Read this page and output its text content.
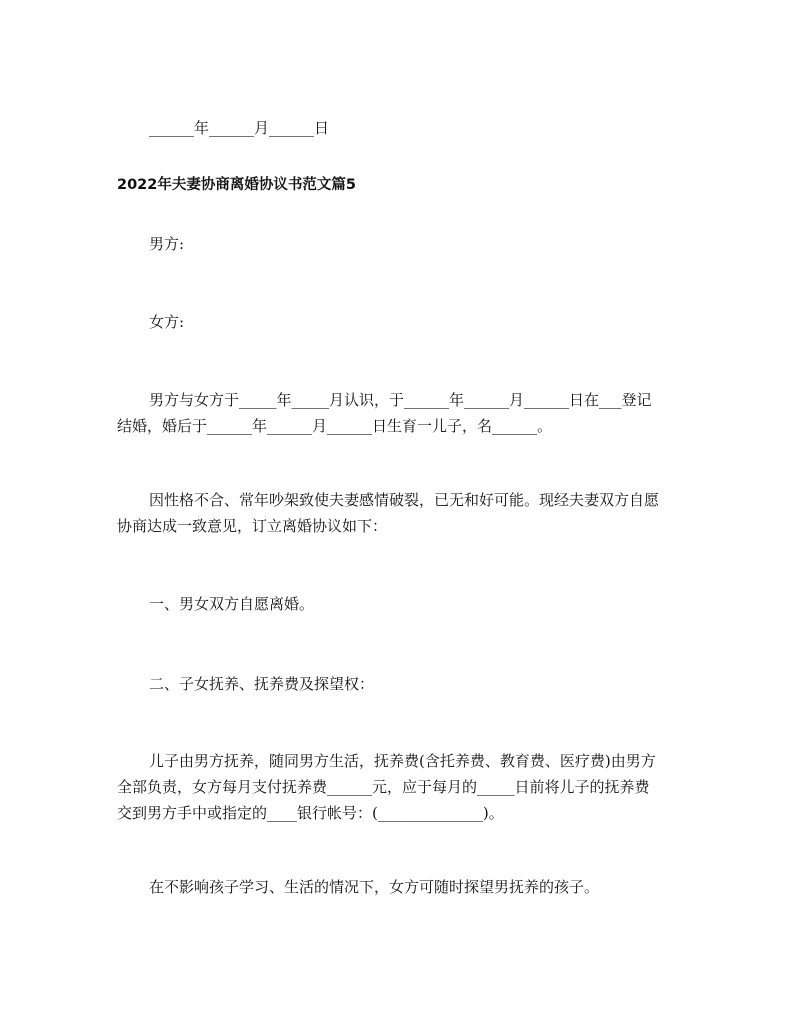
______年______月______日

2022年夫妻协商离婚协议书范文篇5

男方:

女方:

男方与女方于_____年_____月认识，于______年______月______日在___登记
结婚，婚后于______年______月______日生育一儿子，名______。
因性格不合、常年吵架致使夫妻感情破裂，已无和好可能。现经夫妻双方自愿
协商达成一致意见，订立离婚协议如下：

一、男女双方自愿离婚。

二、子女抚养、抚养费及探望权：

儿子由男方抚养，随同男方生活，抚养费(含托养费、教育费、医疗费)由男方
全部负责，女方每月支付抚养费______元，应于每月的_____日前将儿子的抚养费
交到男方手中或指定的____银行帐号：(______________)。

在不影响孩子学习、生活的情况下，女方可随时探望男抚养的孩子。
